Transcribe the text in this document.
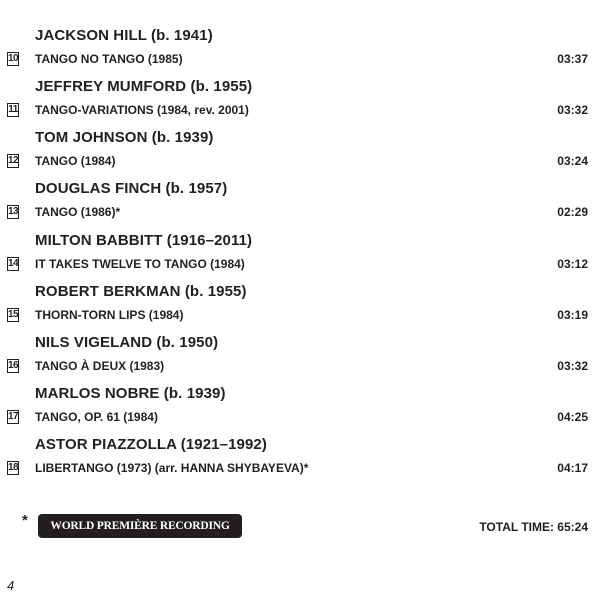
JACKSON HILL (b. 1941)
10 TANGO NO TANGO (1985)	03:37
JEFFREY MUMFORD (b. 1955)
11 TANGO-VARIATIONS (1984, rev. 2001)	03:32
TOM JOHNSON (b. 1939)
12 TANGO (1984)	03:24
DOUGLAS FINCH (b. 1957)
13 TANGO (1986)*	02:29
MILTON BABBITT (1916–2011)
14 IT TAKES TWELVE TO TANGO (1984)	03:12
ROBERT BERKMAN (b. 1955)
15 THORN-TORN LIPS (1984)	03:19
NILS VIGELAND (b. 1950)
16 TANGO À DEUX (1983)	03:32
MARLOS NOBRE (b. 1939)
17 TANGO, OP. 61 (1984)	04:25
ASTOR PIAZZOLLA (1921–1992)
18 LIBERTANGO (1973) (arr. HANNA SHYBAYEVA)*	04:17
*	WORLD PREMIÈRE RECORDING	TOTAL TIME: 65:24
4
